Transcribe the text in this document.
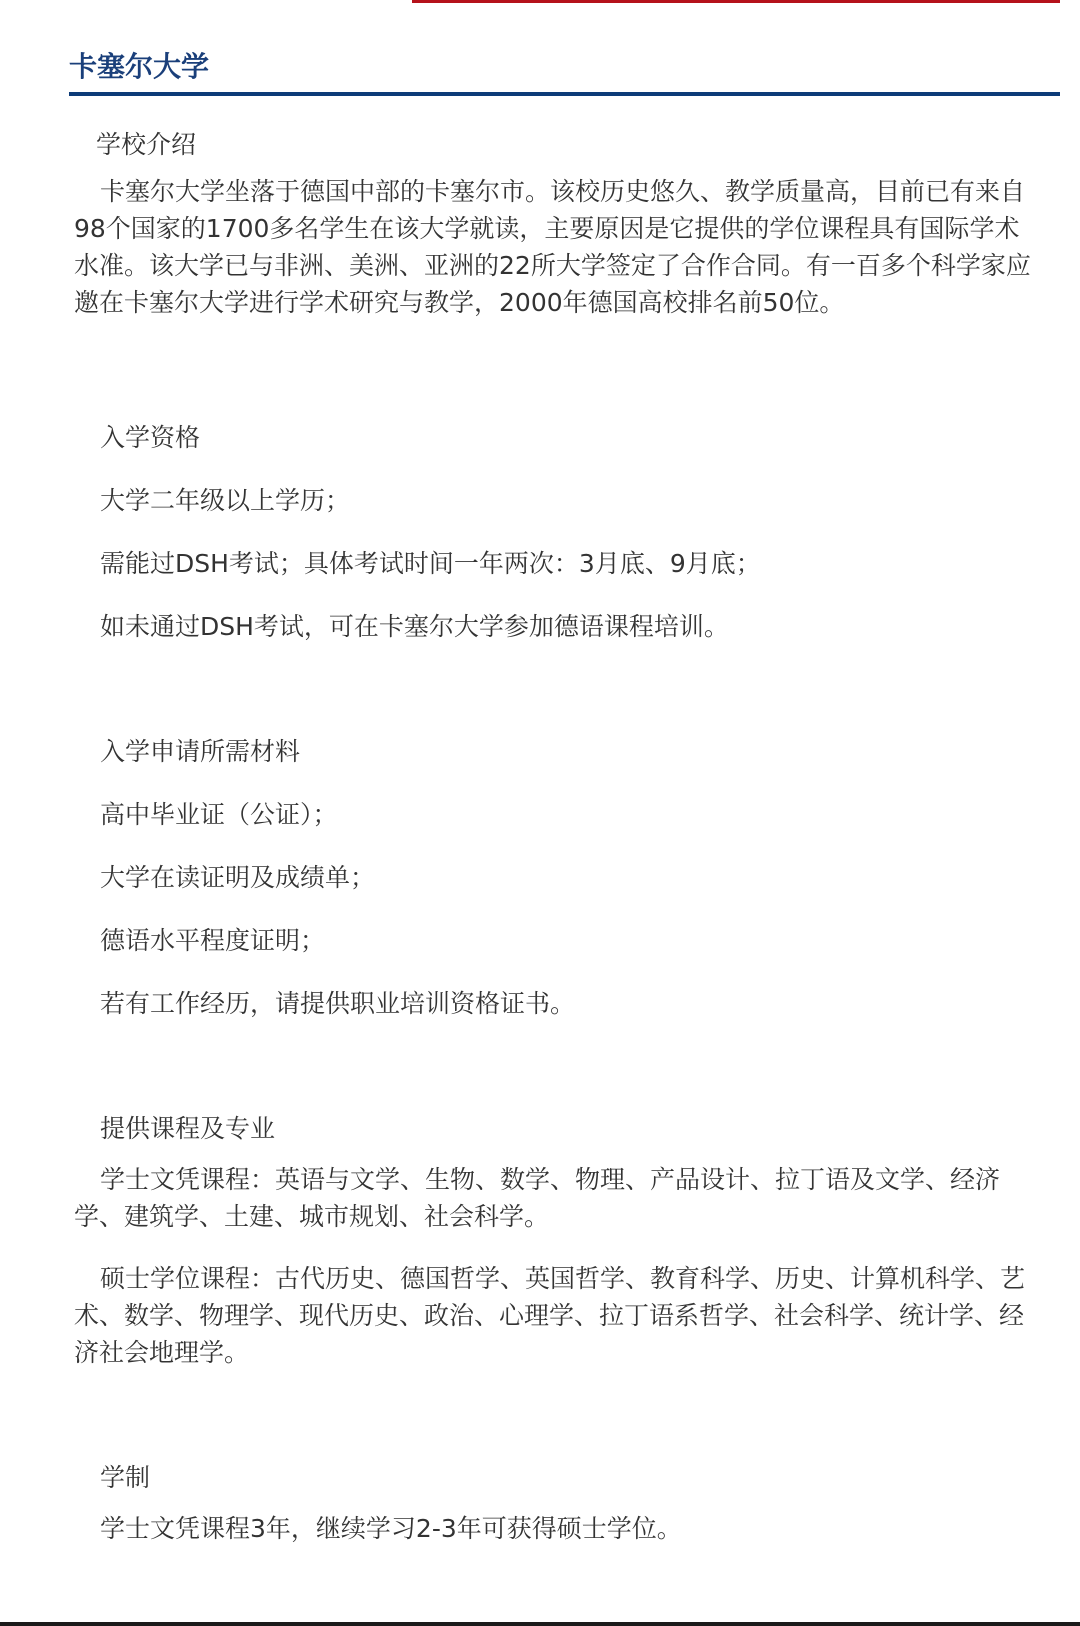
卡塞尔大学

学校介绍

卡塞尔大学坐落于德国中部的卡塞尔市。该校历史悠久、教学质量高，目前已有来自98个国家的1700多名学生在该大学就读，主要原因是它提供的学位课程具有国际学术水准。该大学已与非洲、美洲、亚洲的22所大学签定了合作合同。有一百多个科学家应邀在卡塞尔大学进行学术研究与教学，2000年德国高校排名前50位。

入学资格

大学二年级以上学历；

需能过DSH考试；具体考试时间一年两次：3月底、9月底；

如未通过DSH考试，可在卡塞尔大学参加德语课程培训。

入学申请所需材料

高中毕业证（公证）；

大学在读证明及成绩单；

德语水平程度证明；

若有工作经历，请提供职业培训资格证书。

提供课程及专业

学士文凭课程：英语与文学、生物、数学、物理、产品设计、拉丁语及文学、经济学、建筑学、土建、城市规划、社会科学。

硕士学位课程：古代历史、德国哲学、英国哲学、教育科学、历史、计算机科学、艺术、数学、物理学、现代历史、政治、心理学、拉丁语系哲学、社会科学、统计学、经济社会地理学。

学制

学士文凭课程3年，继续学习2-3年可获得硕士学位。
